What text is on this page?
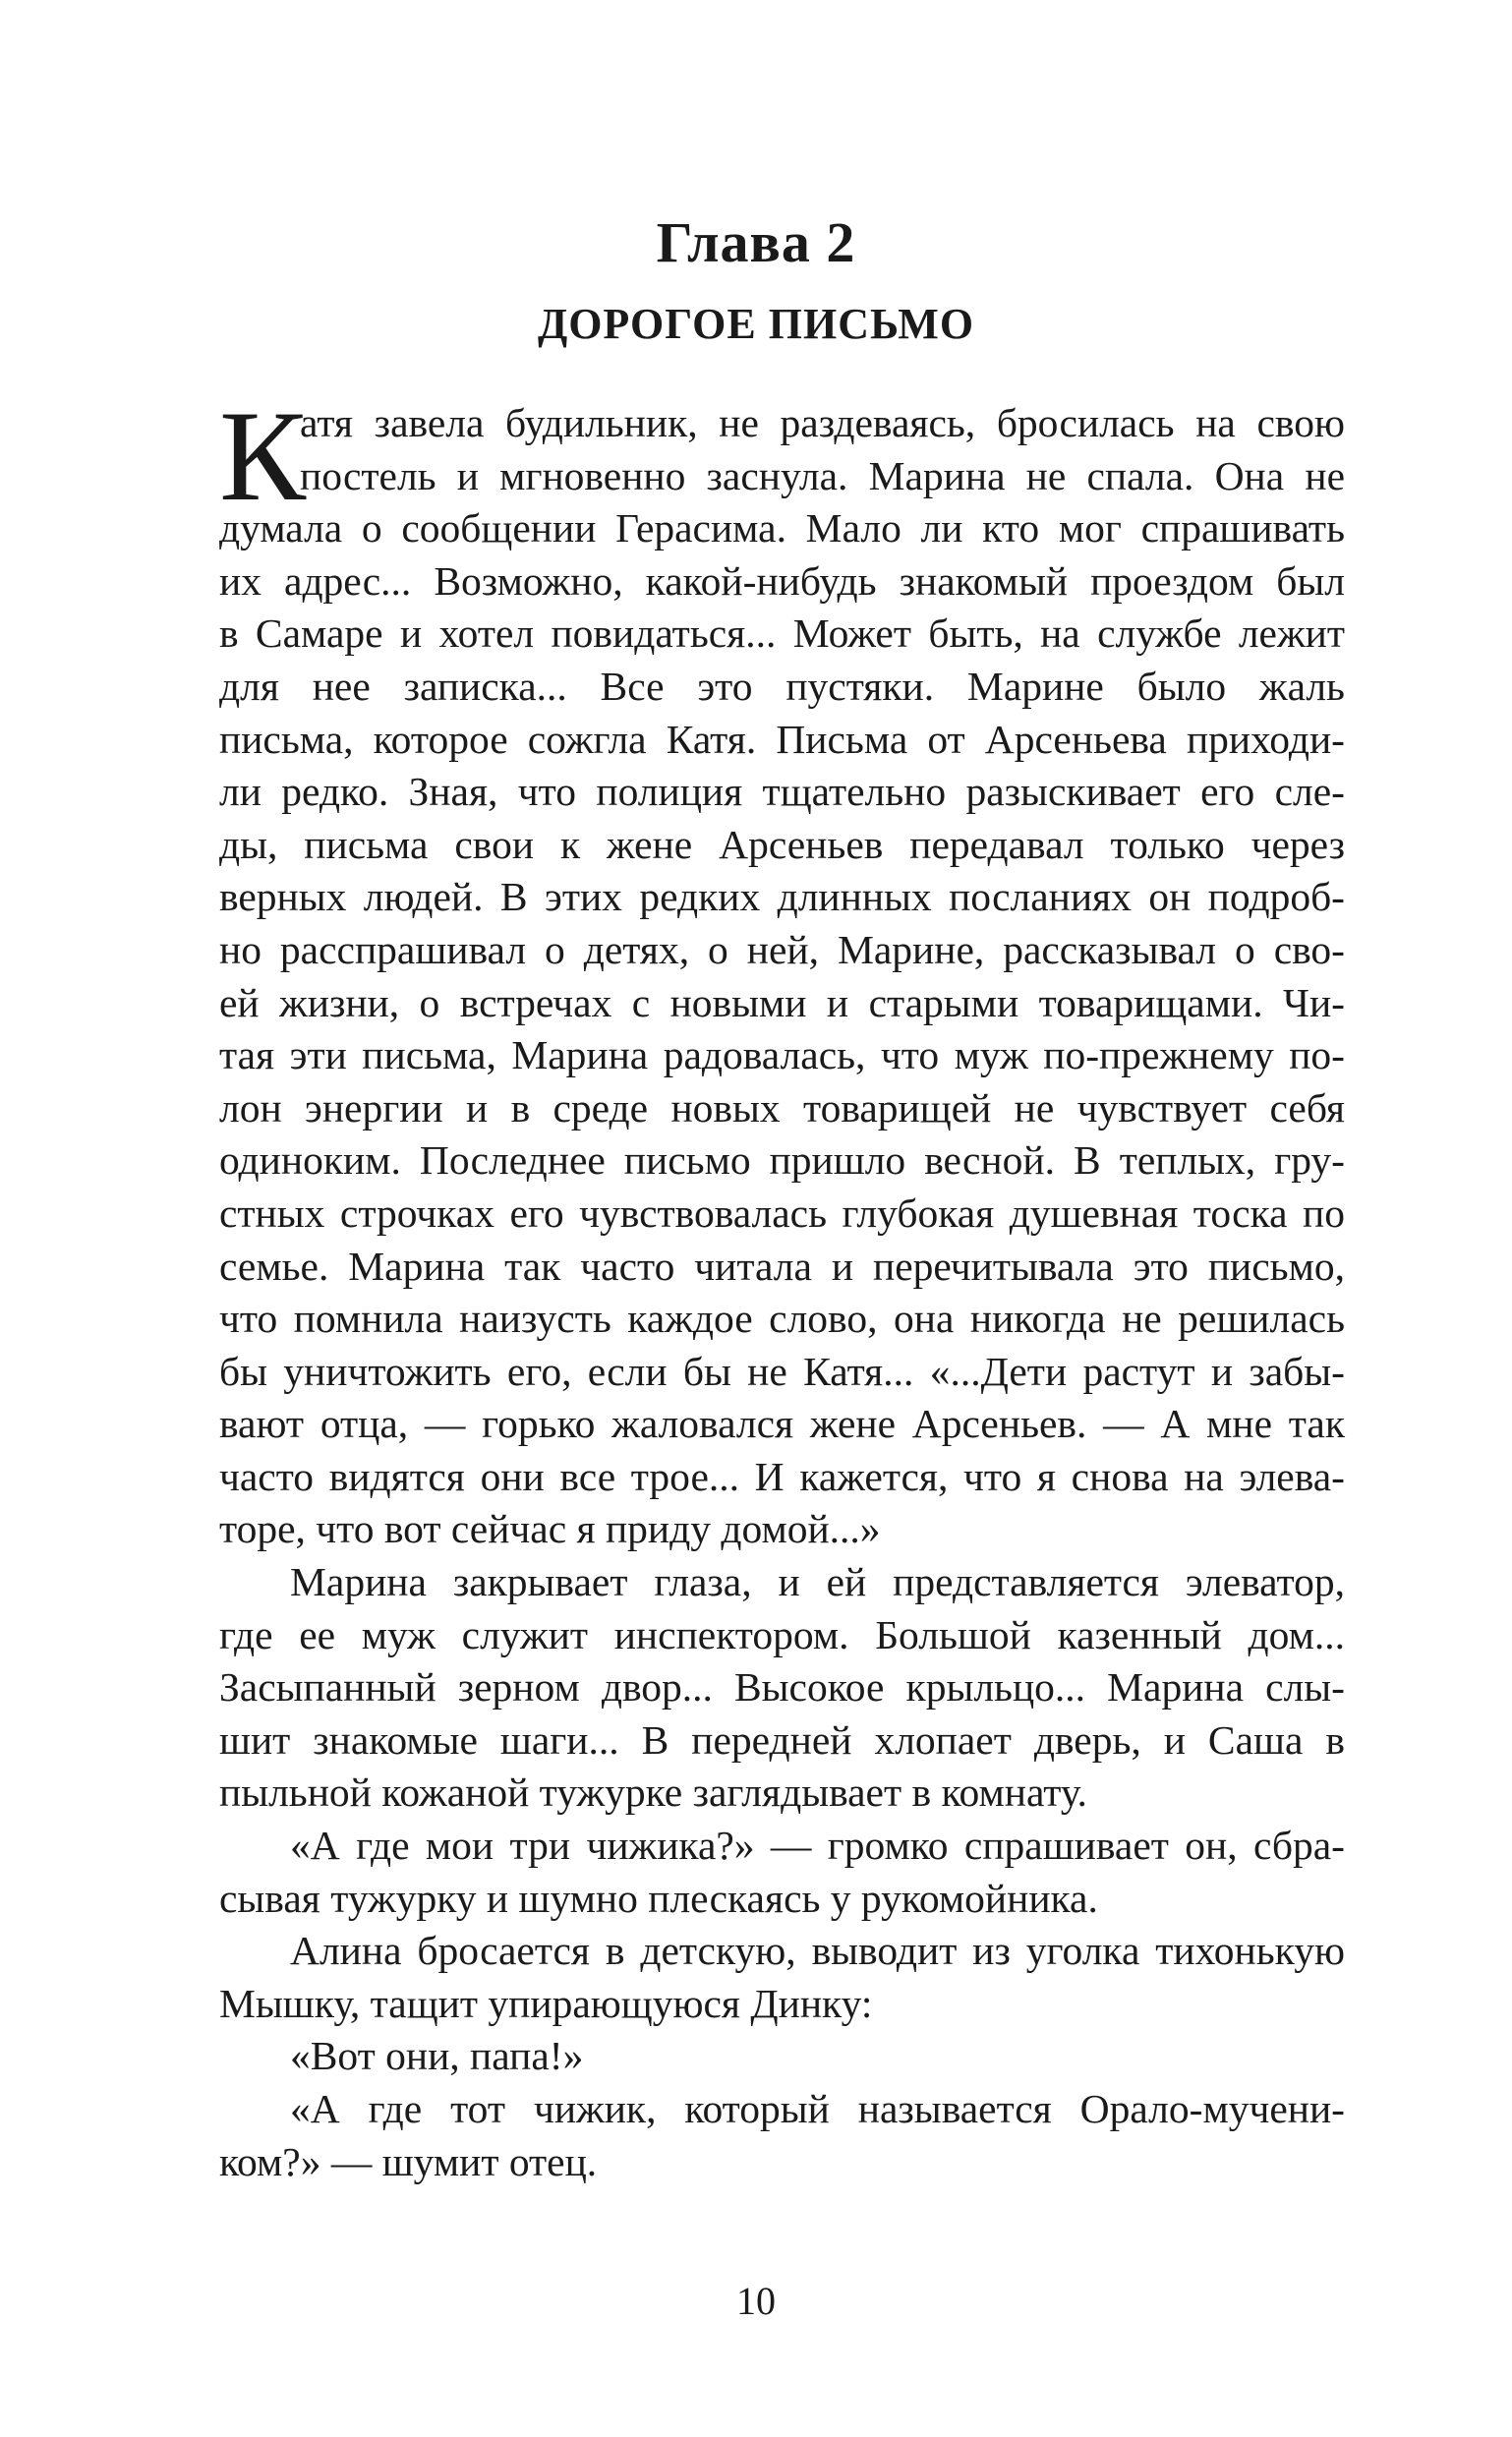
Глава 2
ДОРОГОЕ ПИСЬМО
К
атя завела будильник, не раздеваясь, бросилась на свою
постель и мгновенно заснула. Марина не спала. Она не
думала о сообщении Герасима. Мало ли кто мог спрашивать
их адрес... Возможно, какой-нибудь знакомый проездом был
в Самаре и хотел повидаться... Может быть, на службе лежит
для нее записка... Все это пустяки. Марине было жаль
письма, которое сожгла Катя. Письма от Арсеньева приходи-
ли редко. Зная, что полиция тщательно разыскивает его сле-
ды, письма свои к жене Арсеньев передавал только через
верных людей. В этих редких длинных посланиях он подроб-
но расспрашивал о детях, о ней, Марине, рассказывал о сво-
ей жизни, о встречах с новыми и старыми товарищами. Чи-
тая эти письма, Марина радовалась, что муж по-прежнему по-
лон энергии и в среде новых товарищей не чувствует себя
одиноким. Последнее письмо пришло весной. В теплых, гру-
стных строчках его чувствовалась глубокая душевная тоска по
семье. Марина так часто читала и перечитывала это письмо,
что помнила наизусть каждое слово, она никогда не решилась
бы уничтожить его, если бы не Катя... «...Дети растут и забы-
вают отца, — горько жаловался жене Арсеньев. — А мне так
часто видятся они все трое... И кажется, что я снова на элева-
торе, что вот сейчас я приду домой...»
Марина закрывает глаза, и ей представляется элеватор,
где ее муж служит инспектором. Большой казенный дом...
Засыпанный зерном двор... Высокое крыльцо... Марина слы-
шит знакомые шаги... В передней хлопает дверь, и Саша в
пыльной кожаной тужурке заглядывает в комнату.
«А где мои три чижика?» — громко спрашивает он, сбра-
сывая тужурку и шумно плескаясь у рукомойника.
Алина бросается в детскую, выводит из уголка тихонькую
Мышку, тащит упирающуюся Динку:
«Вот они, папа!»
«А где тот чижик, который называется Орало-мучени-
ком?» — шумит отец.
10
